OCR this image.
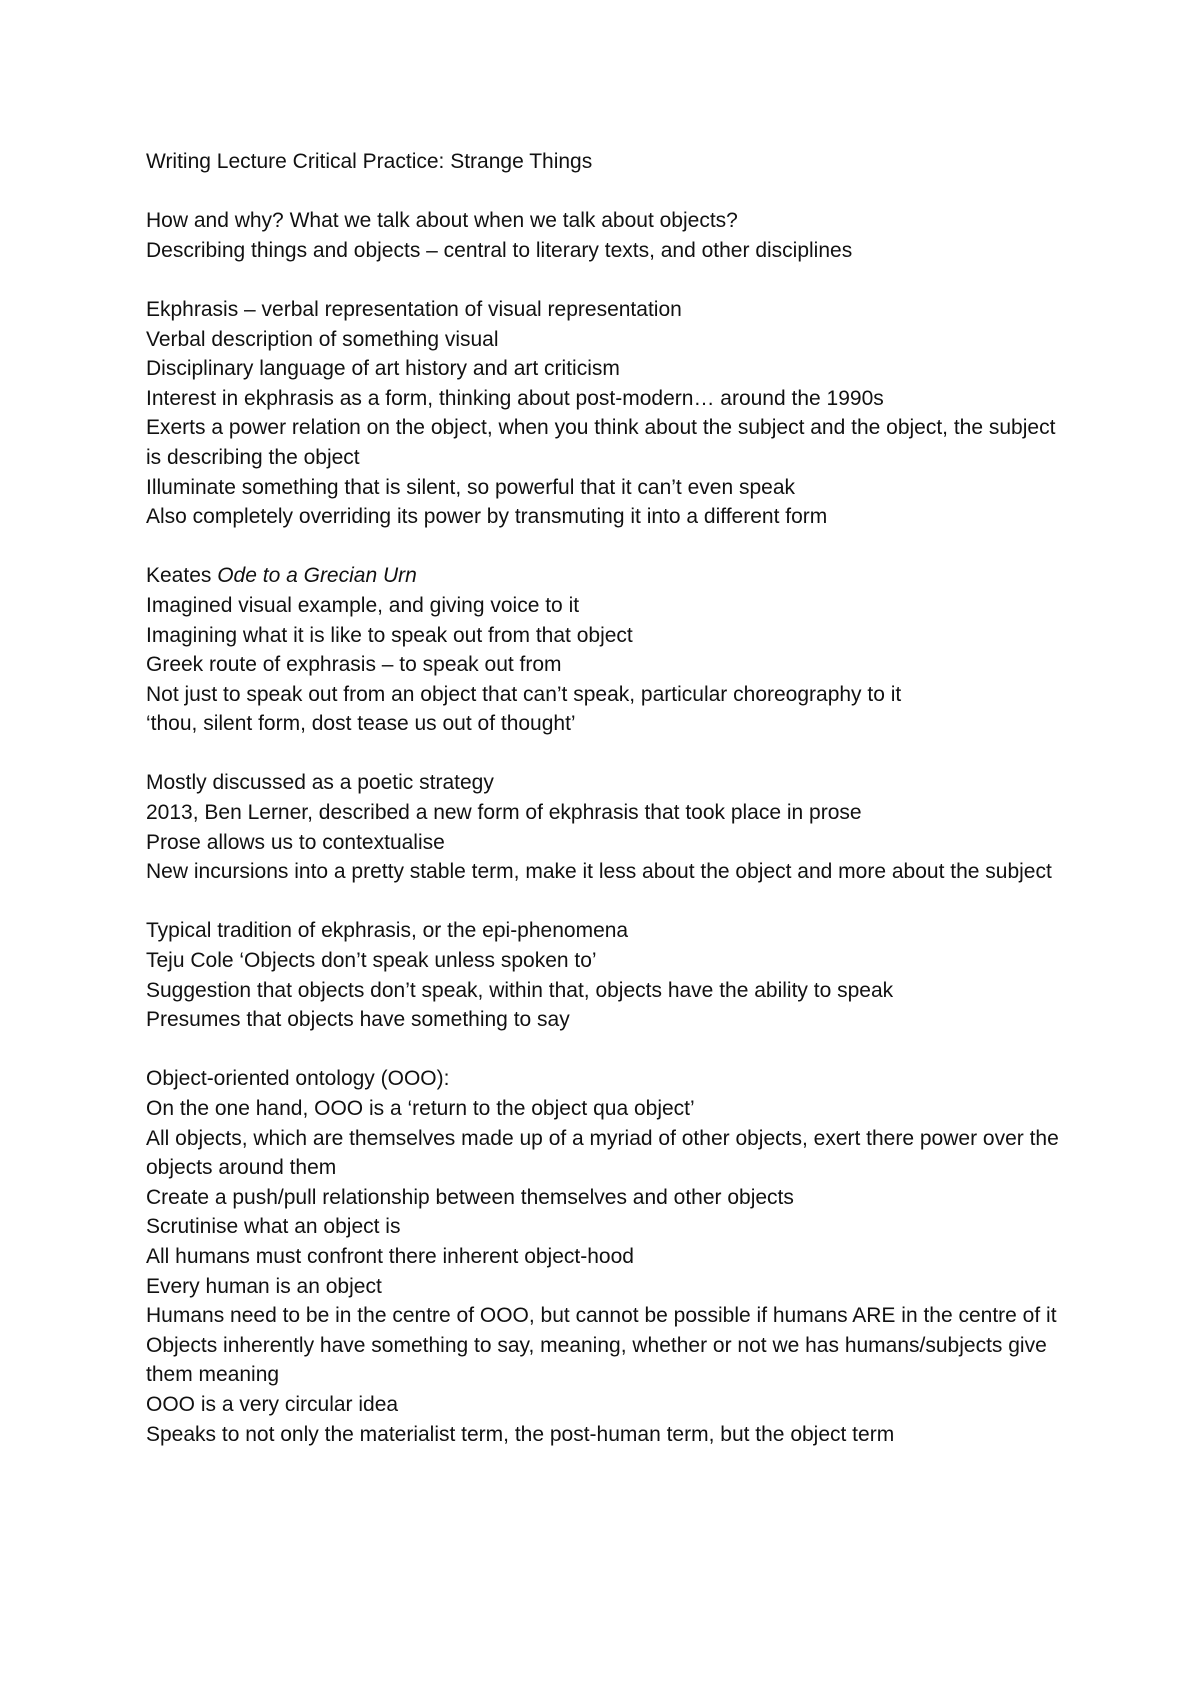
Writing Lecture Critical Practice: Strange Things

How and why? What we talk about when we talk about objects?

Describing things and objects – central to literary texts, and other disciplines

Ekphrasis – verbal representation of visual representation

Verbal description of something visual

Disciplinary language of art history and art criticism

Interest in ekphrasis as a form, thinking about post-modern… around the 1990s

Exerts a power relation on the object, when you think about the subject and the object, the subject is describing the object

Illuminate something that is silent, so powerful that it can’t even speak

Also completely overriding its power by transmuting it into a different form

Keates Ode to a Grecian Urn

Imagined visual example, and giving voice to it

Imagining what it is like to speak out from that object

Greek route of exphrasis – to speak out from

Not just to speak out from an object that can’t speak, particular choreography to it

‘thou, silent form, dost tease us out of thought’

Mostly discussed as a poetic strategy

2013, Ben Lerner, described a new form of ekphrasis that took place in prose

Prose allows us to contextualise

New incursions into a pretty stable term, make it less about the object and more about the subject

Typical tradition of ekphrasis, or the epi-phenomena

Teju Cole ‘Objects don’t speak unless spoken to’

Suggestion that objects don’t speak, within that, objects have the ability to speak

Presumes that objects have something to say

Object-oriented ontology (OOO):

On the one hand, OOO is a ‘return to the object qua object’

All objects, which are themselves made up of a myriad of other objects, exert there power over the objects around them

Create a push/pull relationship between themselves and other objects

Scrutinise what an object is

All humans must confront there inherent object-hood

Every human is an object

Humans need to be in the centre of OOO, but cannot be possible if humans ARE in the centre of it

Objects inherently have something to say, meaning, whether or not we has humans/subjects give them meaning

OOO is a very circular idea

Speaks to not only the materialist term, the post-human term, but the object term
